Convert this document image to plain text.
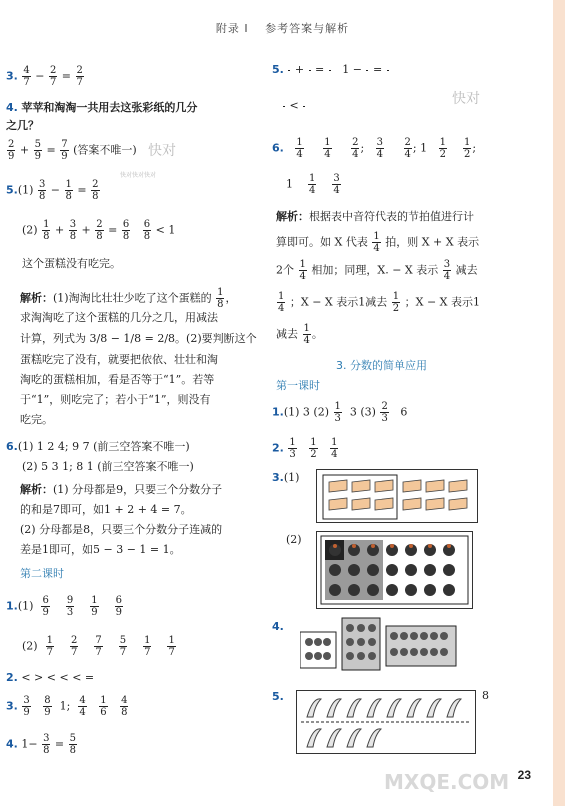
附录 I 参考答案与解析
3. $\frac{4}{7} - \frac{2}{7} = \frac{2}{7}$
4. 苹苹和淘淘一共用去这张彩纸的几分
之几？
$\frac{2}{9} + \frac{5}{9} = \frac{7}{9}$ (答案不唯一)
$5.(1) \frac{3}{8} - \frac{1}{8} = \frac{2}{8}$
$(2) \frac{1}{8} + \frac{3}{8} + \frac{2}{8} = \frac{6}{8}$
$\frac{6}{8} < 1$
这个蛋糕没有吃完。
解析：(1)淘淘比壮壮少吃了这个蛋糕的 $\frac{1}{8}$ ，
求淘淘吃了这个蛋糕的几分之几，用减法
计算，列式为 3/8 − 1/8 = 2/8。(2)要判断这个
蛋糕吃完了没有，就要把依依、壮壮和淘
淘吃的蛋糕相加，看是否等于“1”。若等
于“1”，则吃完了；若小于“1”，则没有
吃完。
6.(1) 1 2 4; 9 7 (前三空答案不唯一)
(2) 5 3 1; 8 1 (前三空答案不唯一)
解析：(1) 分母都是9，只要三个分数分子
的和是7即可，如1 + 2 + 4 = 7。
(2) 分母都是8，只要三个分数分子连减的
差是1即可，如5 − 3 − 1 = 1。
第二课时
$1.(1) \frac{6}{9}$
$\frac{9}{3}$
$\frac{1}{9}$
$\frac{6}{9}$
$(2) \frac{1}{7}$
$\frac{2}{7}$
$\frac{7}{7}$
$\frac{5}{7}$
$\frac{1}{7}$
$\frac{1}{7}$
2. < > < < < =
3. $\frac{3}{9}$
$\frac{8}{9} 1$; $\frac{4}{4}$
$\frac{1}{6}$
$\frac{4}{8}$
4. $1- \frac{3}{8} = \frac{5}{8}$
5.
+
=
1 −
=
<

6. $\frac{1}{4}$
$\frac{1}{4}$
$\frac{2}{4}$ ; $\frac{3}{4}$
$\frac{2}{4}$ ; $1 \frac{1}{2}$
$\frac{1}{2}$ ;
$1 \frac{1}{4}$
$\frac{3}{4}$
解析：根据表中音符代表的节拍值进行计
算即可。如 X 代表 $\frac{1}{4}$ 拍，则 X + X 表示
2个 $\frac{1}{4}$ 相加；同理，X. − X 表示 $\frac{3}{4}$ 减去
$\frac{1}{4}$ ；X − X 表示1减去 $\frac{1}{2}$ ；X − X 表示1
减去 $\frac{1}{4}$ 。
3. 分数的简单应用
第一课时
1.(1) 3 $(2) \frac{1}{3} 3$ $(3) \frac{2}{3} 6$
2. $\frac{1}{3}$
$\frac{1}{2}$
$\frac{1}{4}$
3.(1)
(2)
4.
5.	8
快对
快对快对快对
快对
MXQE.COM 23
